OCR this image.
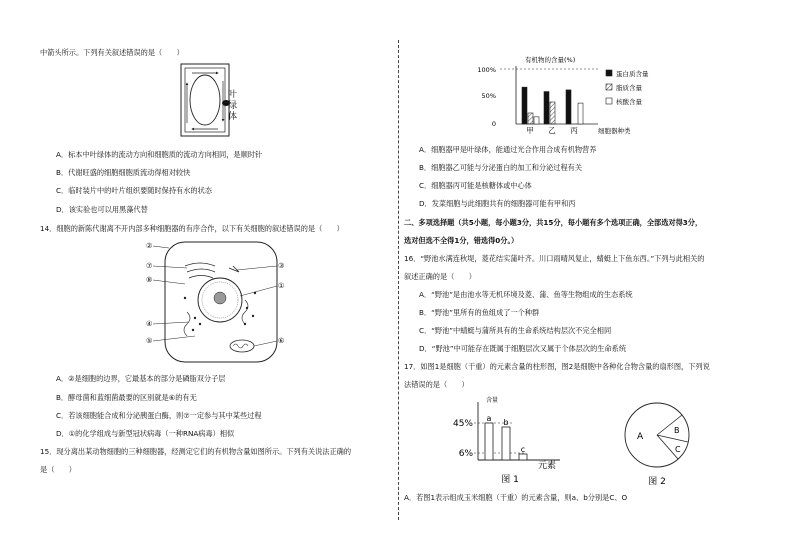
中箭头所示。下列有关叙述错误的是（　　）
叶绿体
A．标本中叶绿体的流动方向和细胞质的流动方向相同，是顺时针
B．代谢旺盛的细胞细胞质流动得相对较快
C．临时装片中的叶片组织要随时保持有水的状态
D．该实验也可以用黑藻代替
14．细胞的新陈代谢离不开内部多种细胞器的有序合作，以下有关细胞的叙述错误的是（　　）
②
⑦
⑧
④
⑤
③
①
⑥
A．②是细胞的边界，它最基本的部分是磷脂双分子层
B．酵母菌和蓝细菌最要的区别就是⑥的有无
C．若该细胞能合成和分泌胰蛋白酶，则⑦一定参与其中某些过程
D．①的化学组成与新型冠状病毒（一种RNA病毒）相似
15．现分离出某动物细胞的三种细胞器，经测定它们的有机物含量如图所示。下列有关说法正确的
是（　　）
有机物的含量(%)
100%
50%
0
甲 乙 丙	细胞器种类
蛋白质含量
脂质含量
核酸含量
A．细胞器甲是叶绿体，能通过光合作用合成有机物营养
B．细胞器乙可能与分泌蛋白的加工和分泌过程有关
C．细胞器丙可能是核糖体或中心体
D．发菜细胞与此细胞共有的细胞器可能有甲和丙
二、多项选择题（共5小题，每小题3分，共15分，每小题有多个选项正确，全部选对得3分，
选对但选不全得1分，错选得0分。）
16．“野池水满连秋堤，菱花结实蒲叶齐。川口雨晴风复止，蜻蜓上下鱼东西。”下列与此相关的
叙述正确的是（　　）
A．“野池”是由池水等无机环境及菱、蒲、鱼等生物组成的生态系统
B．“野池”里所有的鱼组成了一个种群
C．“野池”中蜻蜓与蒲所具有的生命系统结构层次不完全相同
D．“野池”中可能存在既属于细胞层次又属于个体层次的生命系统
17．如图1是细胞（干重）的元素含量的柱形图，图2是细胞中各种化合物含量的扇形图，下列说
法错误的是（　　）
含量
45%
6%
a b
c
元素
图 1
A
B
C
图 2
A．若图1表示组成玉米细胞（干重）的元素含量，则a、b分别是C、O
